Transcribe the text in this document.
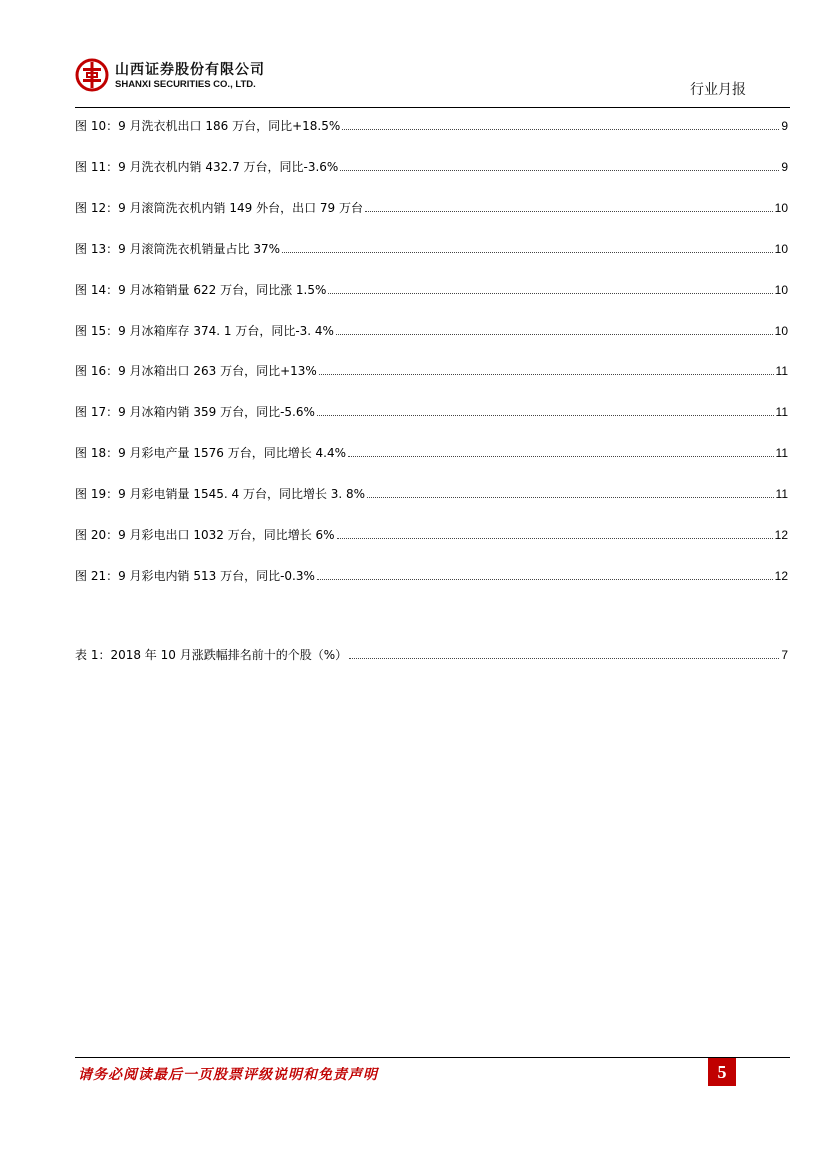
山西证券股份有限公司
SHANXI SECURITIES CO., LTD.	行业月报
图 10：9 月洗衣机出口 186 万台，同比+18.5%	9
图 11：9 月洗衣机内销 432.7 万台，同比-3.6%	9
图 12：9 月滚筒洗衣机内销 149 外台，出口 79 万台	10
图 13：9 月滚筒洗衣机销量占比 37%	10
图 14：9 月冰箱销量 622 万台，同比涨 1.5%	10
图 15：9 月冰箱库存 374. 1 万台，同比-3. 4%	10
图 16：9 月冰箱出口 263 万台，同比+13%	11
图 17：9 月冰箱内销 359 万台，同比-5.6%	11
图 18：9 月彩电产量 1576 万台，同比增长 4.4%	11
图 19：9 月彩电销量 1545. 4 万台，同比增长 3. 8%	11
图 20：9 月彩电出口 1032 万台，同比增长 6%	12
图 21：9 月彩电内销 513 万台，同比-0.3%	12
表 1：2018 年 10 月涨跌幅排名前十的个股（%）	7
请务必阅读最后一页股票评级说明和免责声明	5
